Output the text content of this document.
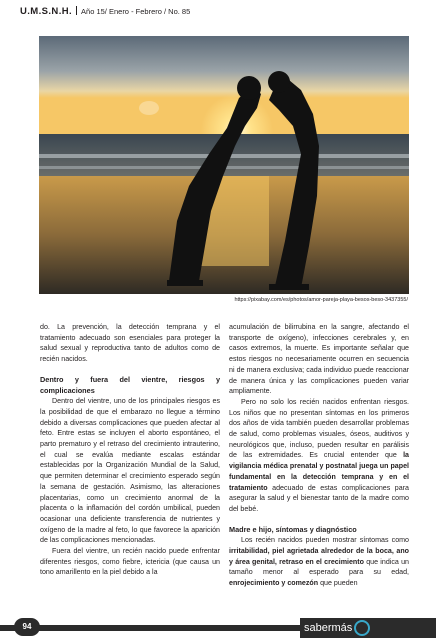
U.M.S.N.H. Año 15/ Enero - Febrero / No. 85
https://pixabay.com/es/photos/amor-pareja-playa-besos-beso-3437355/

do. La prevención, la detección temprana y el tratamiento adecuado son esenciales para proteger la salud sexual y reproductiva tanto de adultos como de recién nacidos.

Dentro y fuera del vientre, riesgos y complicaciones

Dentro del vientre, uno de los principales riesgos es la posibilidad de que el embarazo no llegue a término debido a diversas complicaciones que pueden afectar al feto. Entre estas se incluyen el aborto espontáneo, el parto prematuro y el retraso del crecimiento intrauterino, el cual se evalúa mediante escalas estándar establecidas por la Organización Mundial de la Salud, que permiten determinar el crecimiento esperado según la semana de gestación. Asimismo, las alteraciones placentarias, como un crecimiento anormal de la placenta o la inflamación del cordón umbilical, pueden ocasionar una deficiente transferencia de nutrientes y oxígeno de la madre al feto, lo que favorece la aparición de las complicaciones mencionadas.

Fuera del vientre, un recién nacido puede enfrentar diferentes riesgos, como fiebre, ictericia (que causa un tono amarillento en la piel debido a la

acumulación de bilirrubina en la sangre, afectando el transporte de oxígeno), infecciones cerebrales y, en casos extremos, la muerte. Es importante señalar que estos riesgos no necesariamente ocurren en secuencia ni de manera exclusiva; cada individuo puede reaccionar de manera única y las complicaciones pueden variar ampliamente.

Pero no solo los recién nacidos enfrentan riesgos. Los niños que no presentan síntomas en los primeros dos años de vida también pueden desarrollar problemas de salud, como problemas visuales, óseos, auditivos y neurológicos que, incluso, pueden resultar en parálisis de las extremidades. Es crucial entender que la vigilancia médica prenatal y postnatal juega un papel fundamental en la detección temprana y en el tratamiento adecuado de estas complicaciones para asegurar la salud y el bienestar tanto de la madre como del bebé.

Madre e hijo, síntomas y diagnóstico

Los recién nacidos pueden mostrar síntomas como irritabilidad, piel agrietada alrededor de la boca, ano y área genital, retraso en el crecimiento que indica un tamaño menor al esperado para su edad, enrojecimiento y comezón que pueden

94	sabermás
